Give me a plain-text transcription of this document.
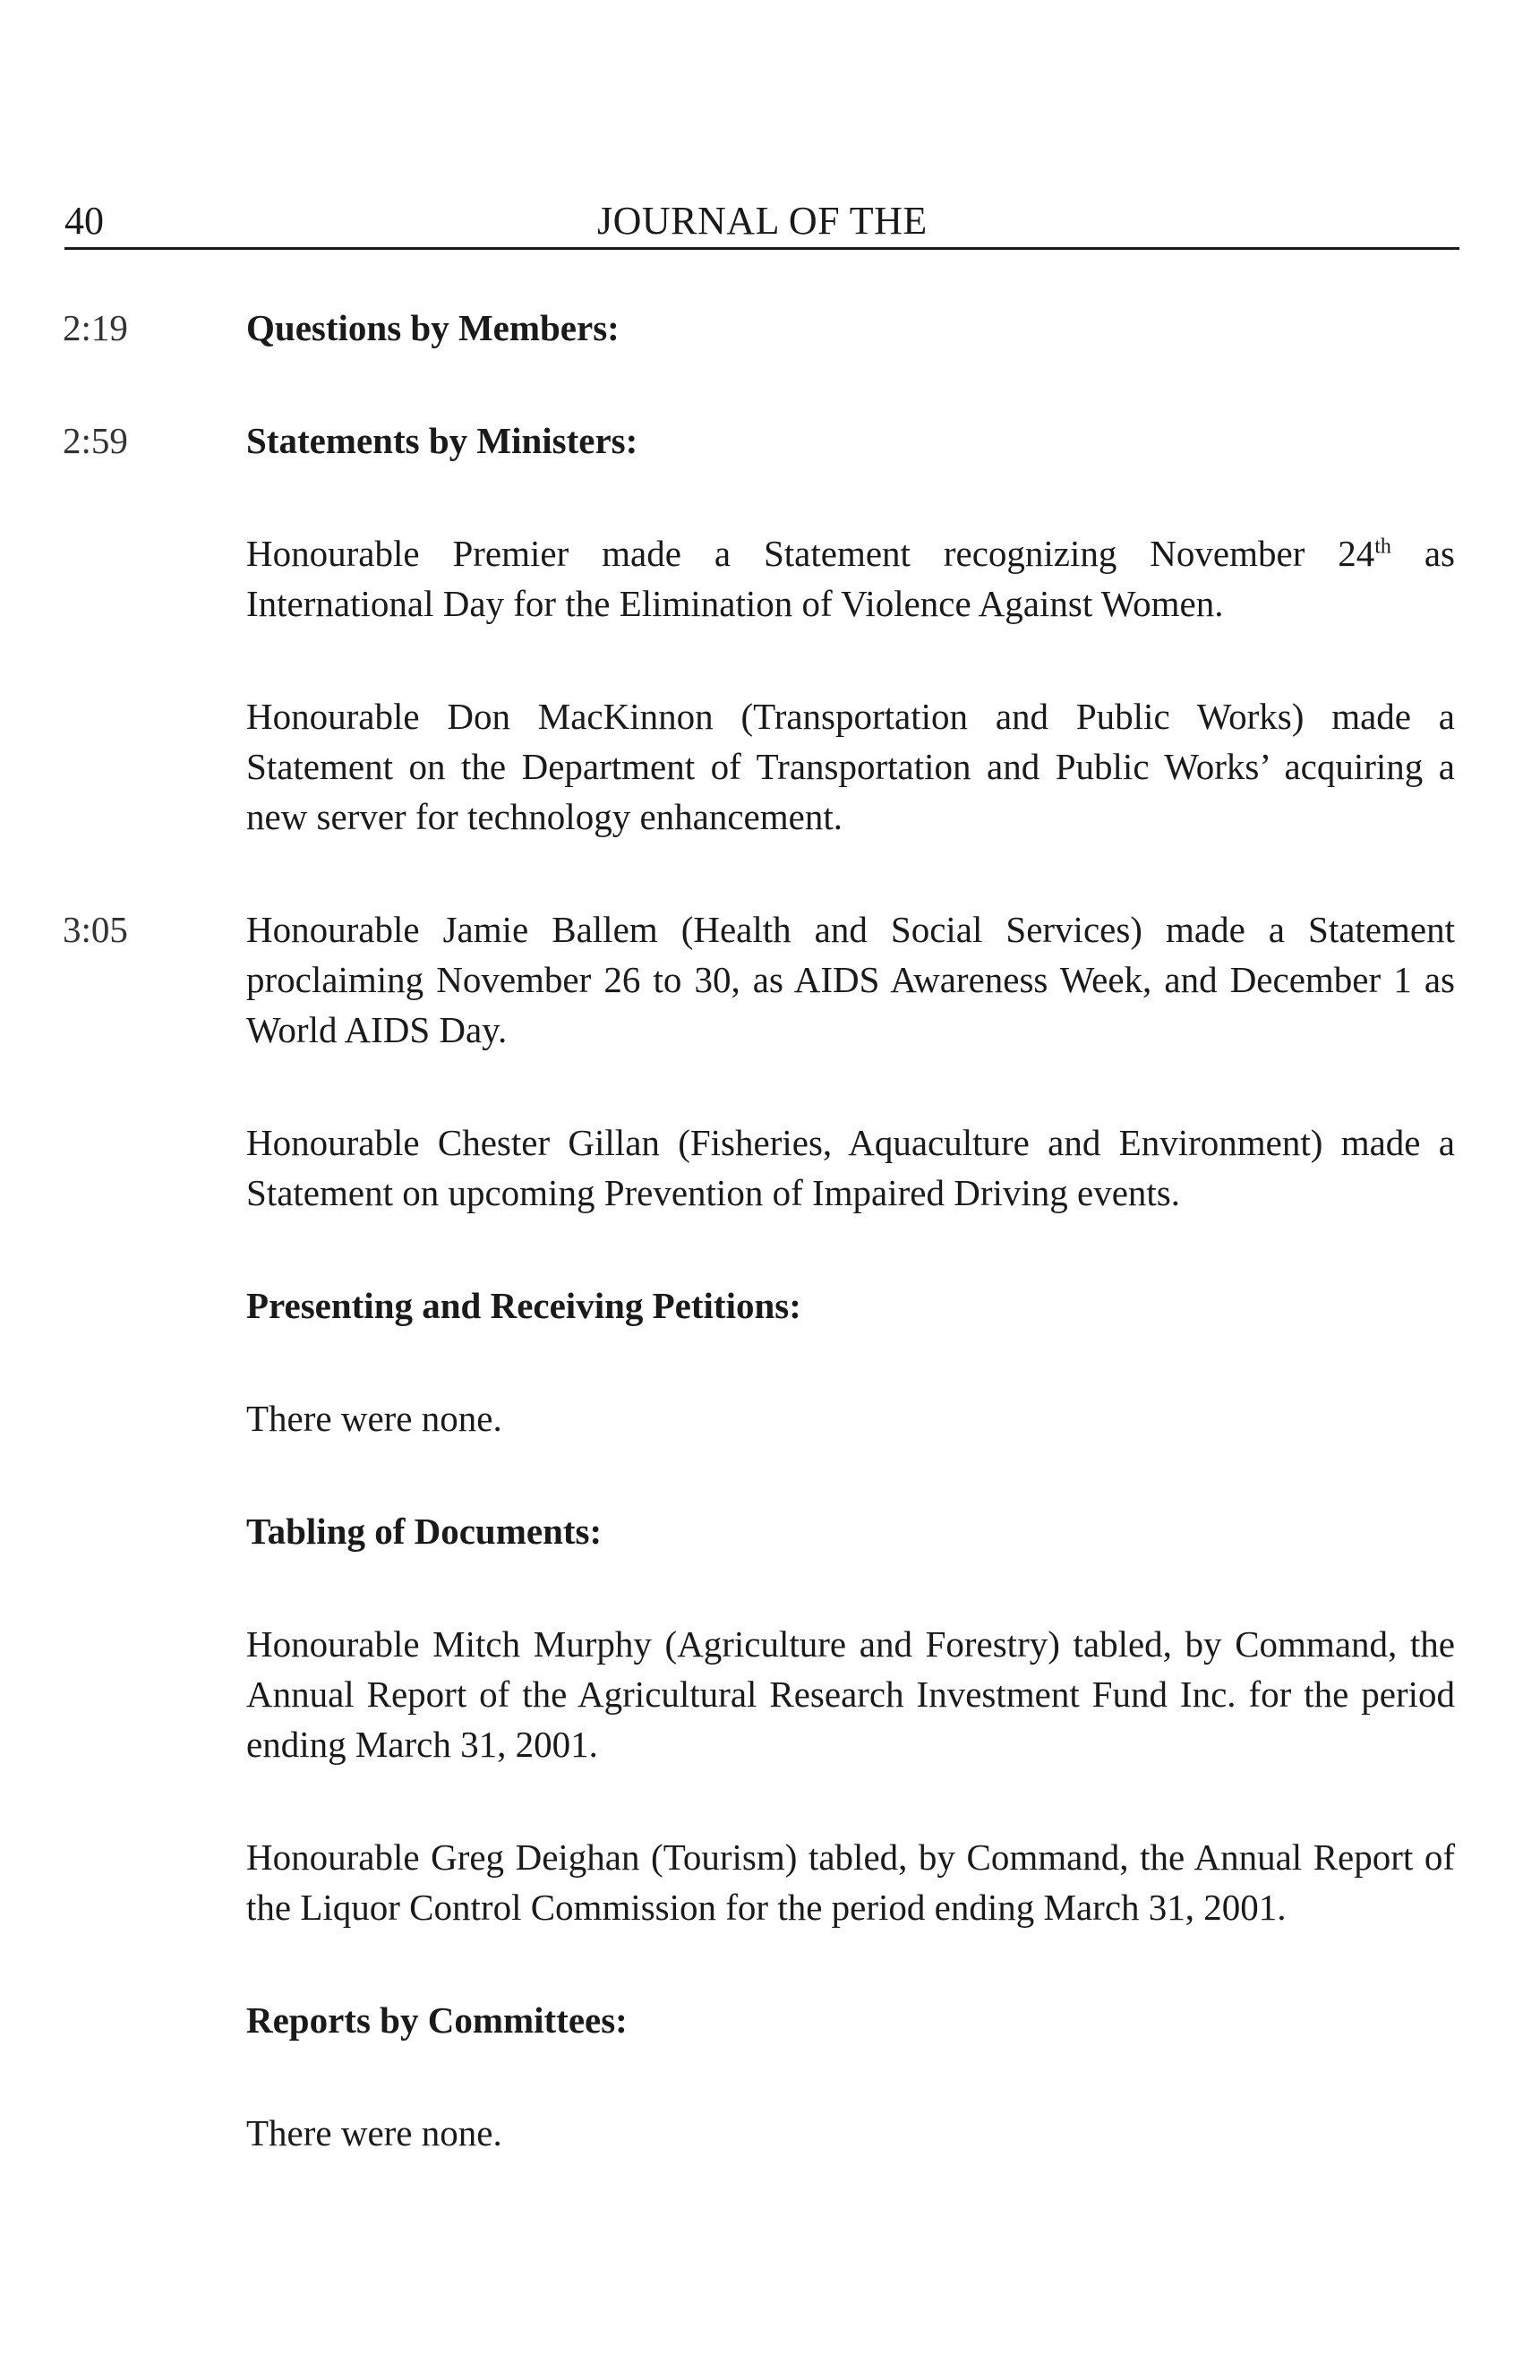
40	JOURNAL OF THE
2:19	Questions by Members:

2:59	Statements by Ministers:

Honourable Premier made a Statement recognizing November 24th as International Day for the Elimination of Violence Against Women.

Honourable Don MacKinnon (Transportation and Public Works) made a Statement on the Department of Transportation and Public Works’ acquiring a new server for technology enhancement.

3:05	Honourable Jamie Ballem (Health and Social Services) made a Statement proclaiming November 26 to 30, as AIDS Awareness Week, and December 1 as World AIDS Day.

Honourable Chester Gillan (Fisheries, Aquaculture and Environment) made a Statement on upcoming Prevention of Impaired Driving events.

Presenting and Receiving Petitions:

There were none.

Tabling of Documents:

Honourable Mitch Murphy (Agriculture and Forestry) tabled, by Command, the Annual Report of the Agricultural Research Investment Fund Inc. for the period ending March 31, 2001.

Honourable Greg Deighan (Tourism) tabled, by Command, the Annual Report of the Liquor Control Commission for the period ending March 31, 2001.

Reports by Committees:

There were none.
